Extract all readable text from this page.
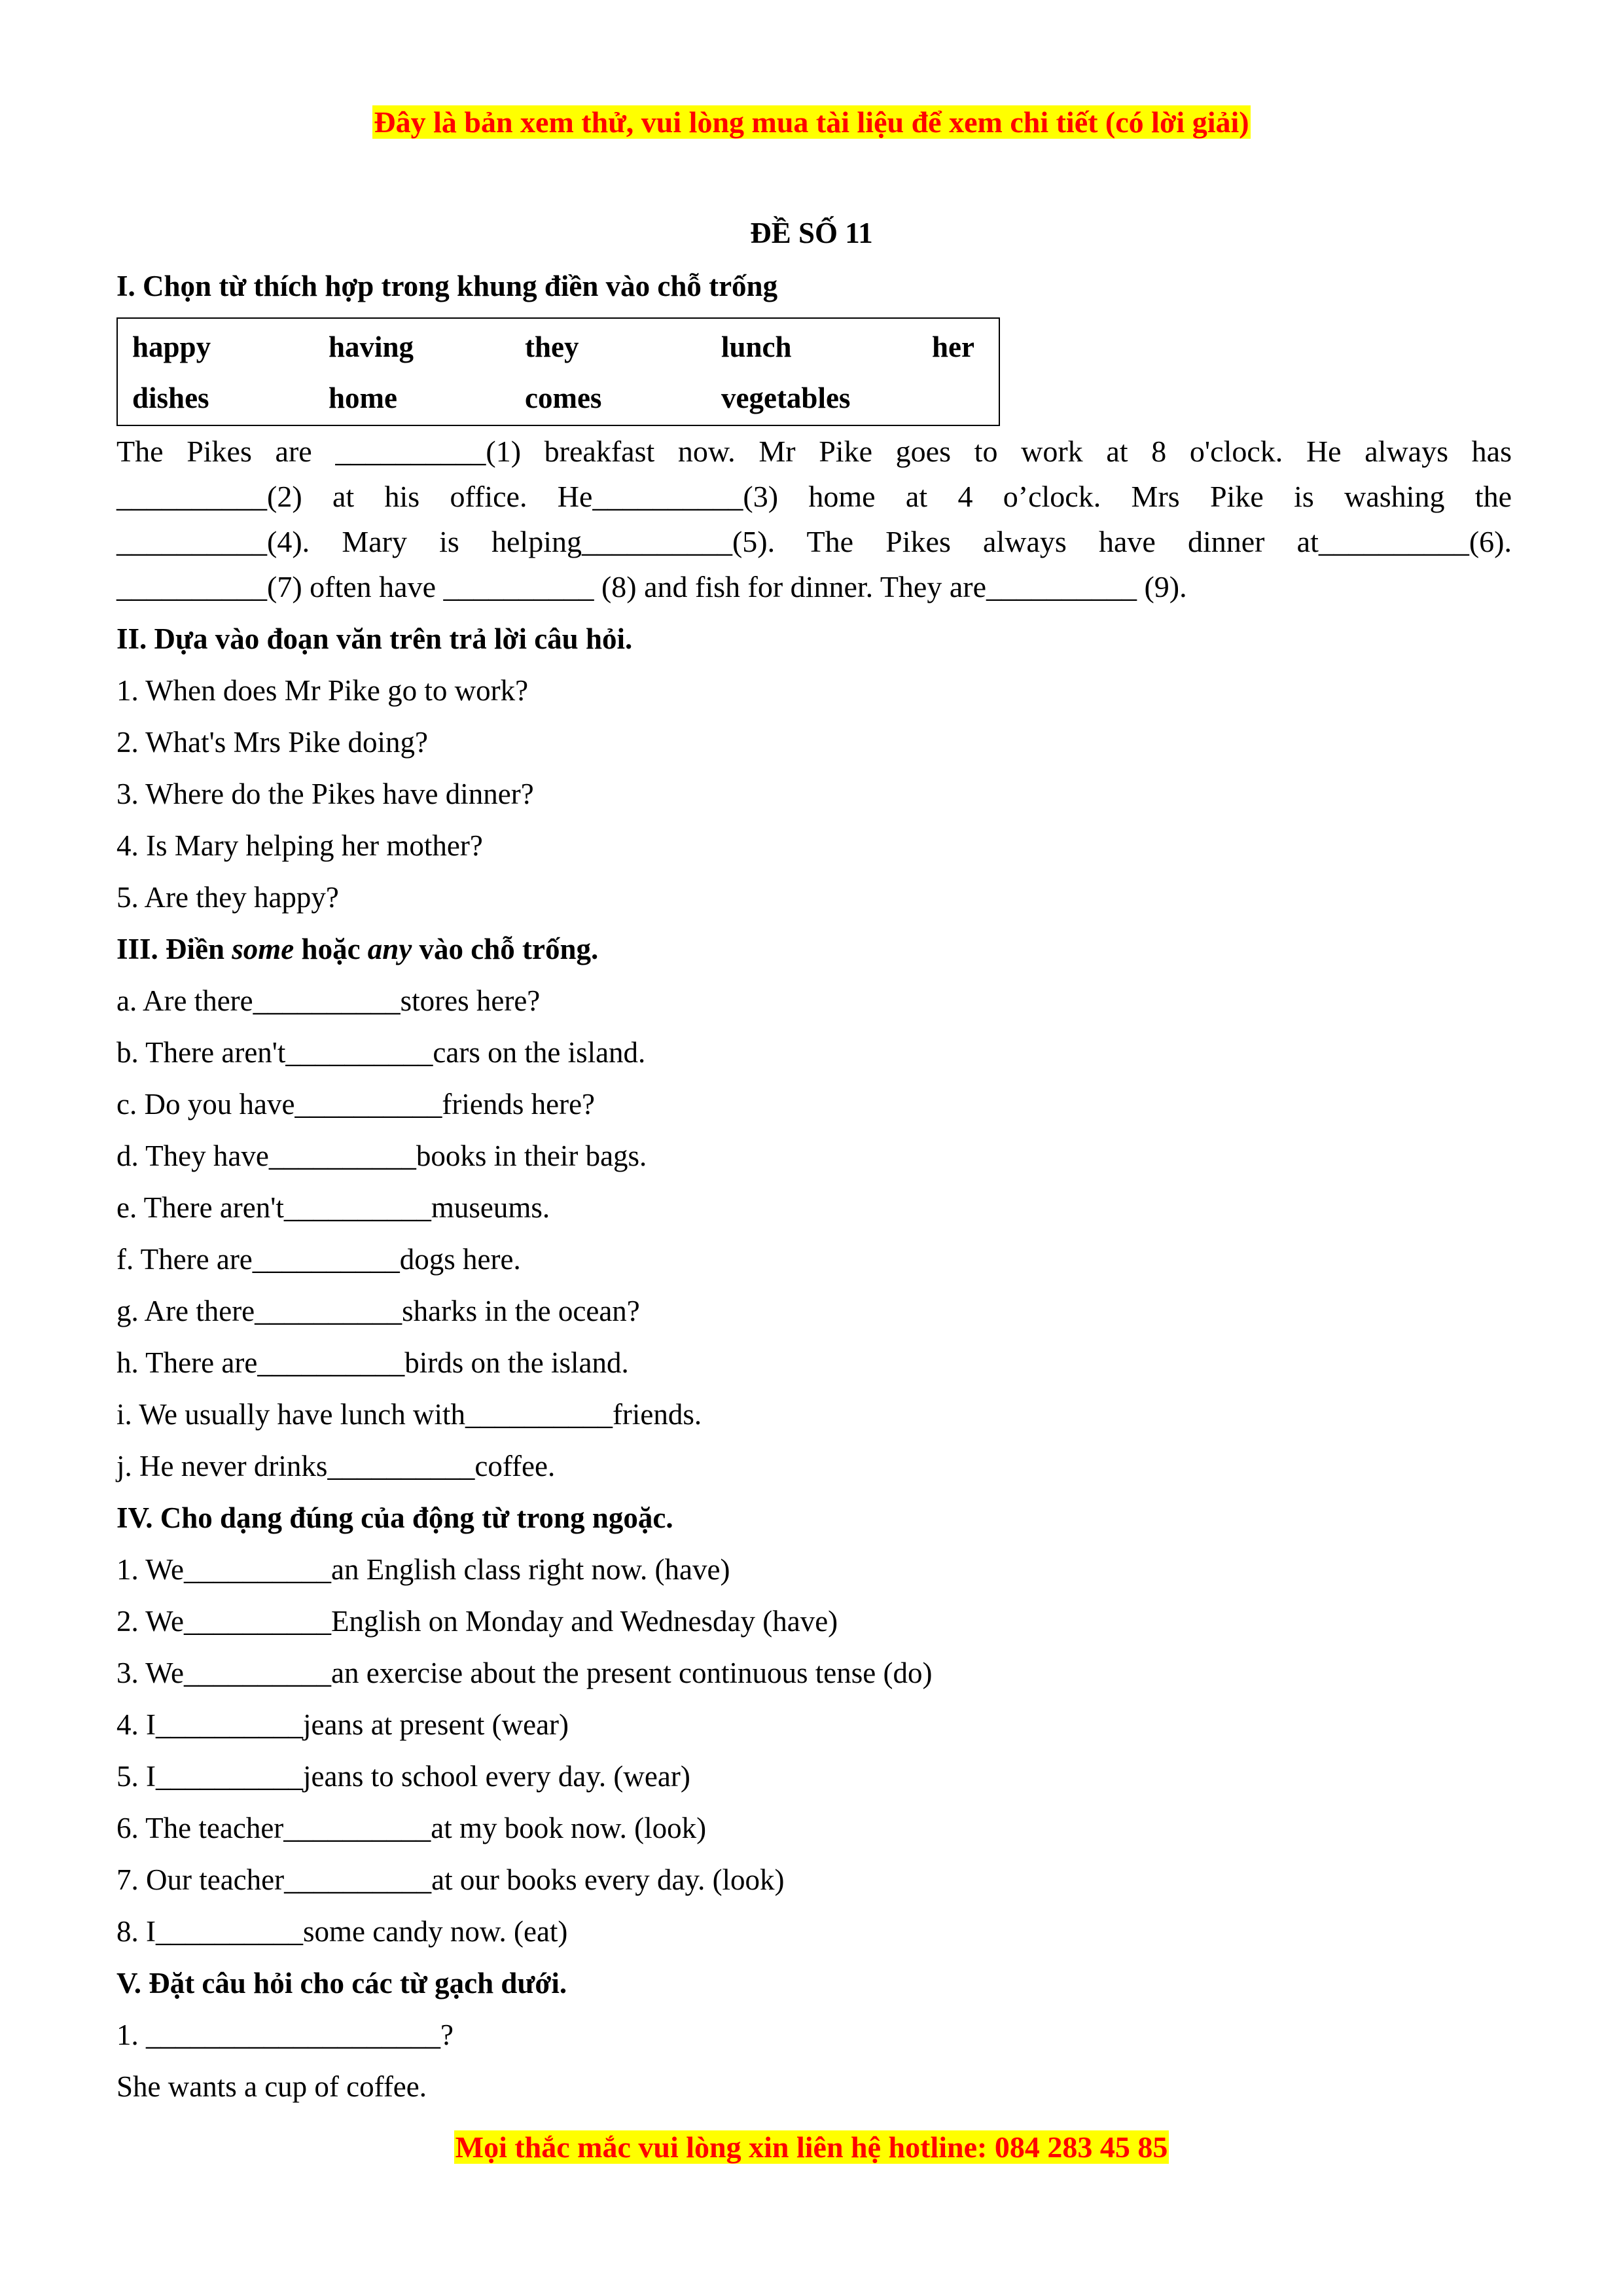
Đây là bản xem thử, vui lòng mua tài liệu để xem chi tiết (có lời giải)
ĐỀ SỐ 11
I. Chọn từ thích hợp trong khung điền vào chỗ trống
happy	having	they	lunch	her
dishes	home	comes	vegetables
The Pikes are __________(1) breakfast now. Mr Pike goes to work at 8 o'clock. He always has
__________(2) at his office. He__________(3) home at 4 o’clock. Mrs Pike is washing the
__________(4). Mary is helping__________(5). The Pikes always have dinner at__________(6).
__________(7) often have __________ (8) and fish for dinner. They are__________ (9).
II. Dựa vào đoạn văn trên trả lời câu hỏi.
1. When does Mr Pike go to work?
2. What's Mrs Pike doing?
3. Where do the Pikes have dinner?
4. Is Mary helping her mother?
5. Are they happy?
III. Điền some hoặc any vào chỗ trống.
a. Are there__________stores here?
b. There aren't__________cars on the island.
c. Do you have__________friends here?
d. They have__________books in their bags.
e. There aren't__________museums.
f. There are__________dogs here.
g. Are there__________sharks in the ocean?
h. There are__________birds on the island.
i. We usually have lunch with__________friends.
j. He never drinks__________coffee.
IV. Cho dạng đúng của động từ trong ngoặc.
1. We__________an English class right now. (have)
2. We__________English on Monday and Wednesday (have)
3. We__________an exercise about the present continuous tense (do)
4. I__________jeans at present (wear)
5. I__________jeans to school every day. (wear)
6. The teacher__________at my book now. (look)
7. Our teacher__________at our books every day. (look)
8. I__________some candy now. (eat)
V. Đặt câu hỏi cho các từ gạch dưới.
1. ____________________?
She wants a cup of coffee.
Mọi thắc mắc vui lòng xin liên hệ hotline: 084 283 45 85
